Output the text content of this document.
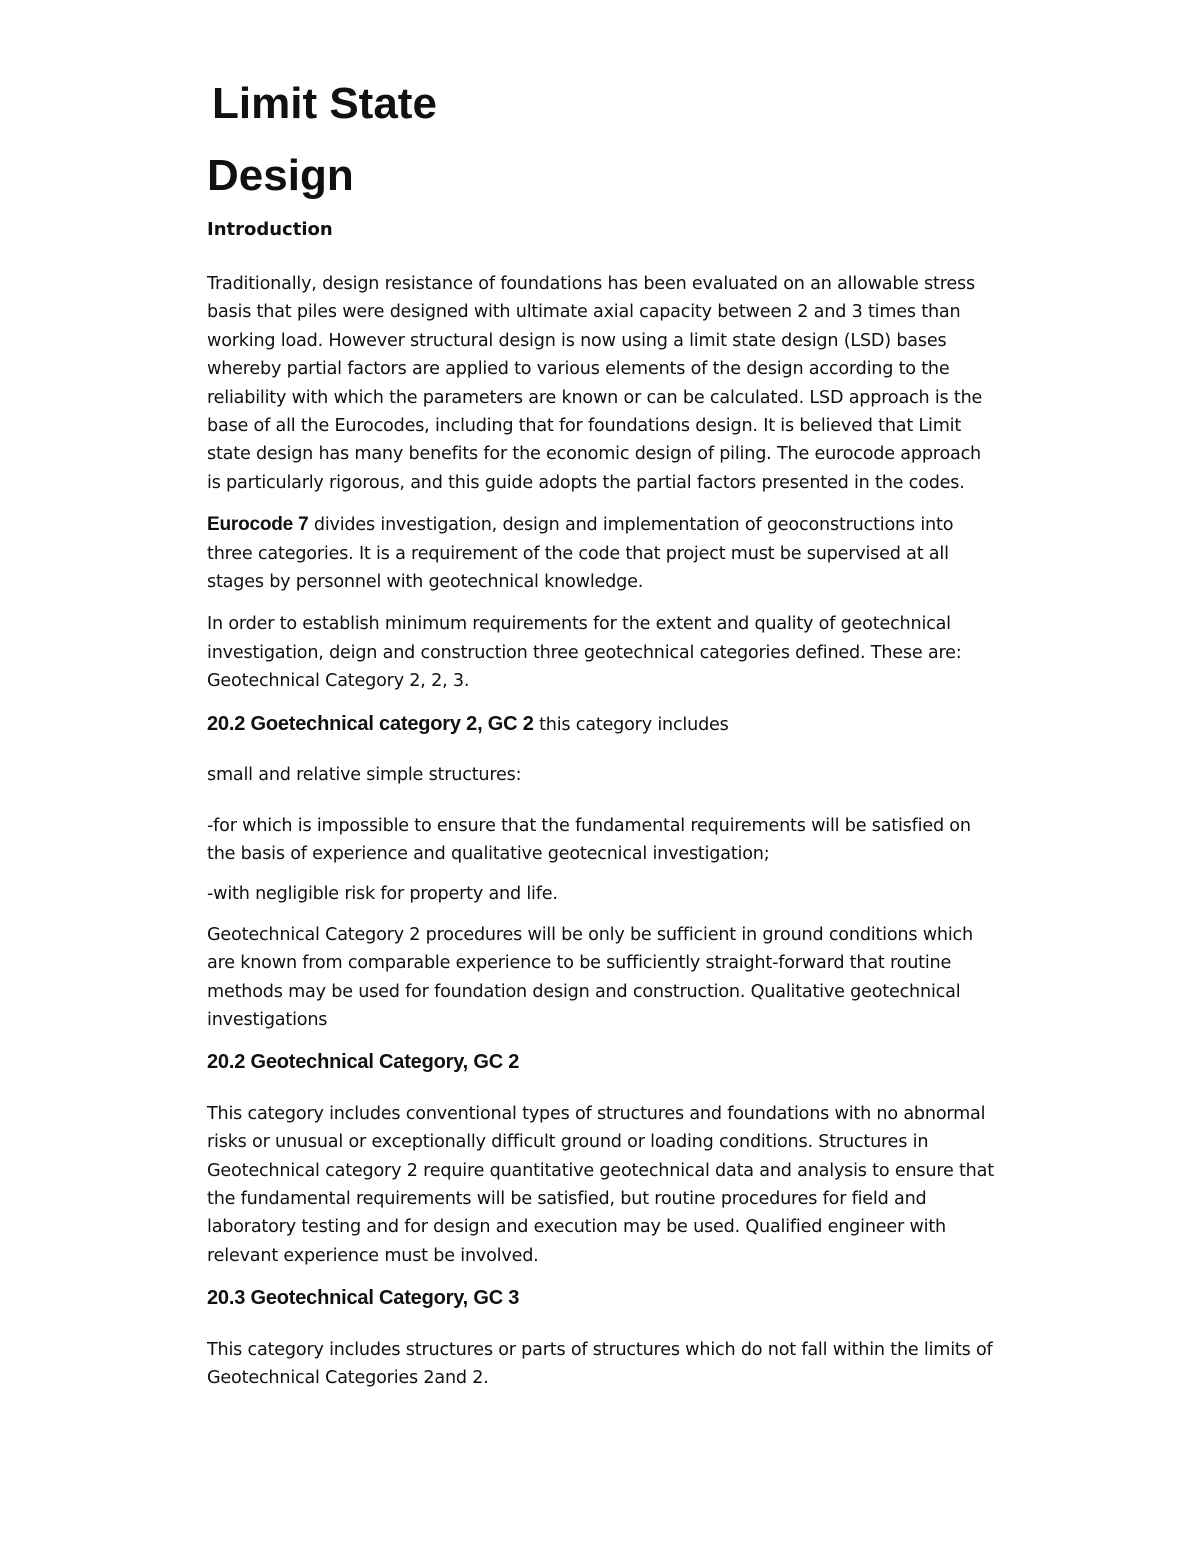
Limit State
Design
Introduction

Traditionally, design resistance of foundations has been evaluated on an allowable stress basis that piles were designed with ultimate axial capacity between 2 and 3 times than working load. However structural design is now using a limit state design (LSD) bases whereby partial factors are applied to various elements of the design according to the reliability with which the parameters are known or can be calculated. LSD approach is the base of all the Eurocodes, including that for foundations design. It is believed that Limit state design has many benefits for the economic design of piling. The eurocode approach is particularly rigorous, and this guide adopts the partial factors presented in the codes.

Eurocode 7 divides investigation, design and implementation of geoconstructions into three categories. It is a requirement of the code that project must be supervised at all stages by personnel with geotechnical knowledge.

In order to establish minimum requirements for the extent and quality of geotechnical investigation, deign and construction three geotechnical categories defined. These are: Geotechnical Category 2, 2, 3.

20.2 Goetechnical category 2, GC 2 this category includes

small and relative simple structures:

-for which is impossible to ensure that the fundamental requirements will be satisfied on the basis of experience and qualitative geotecnical investigation;

-with negligible risk for property and life.

Geotechnical Category 2 procedures will be only be sufficient in ground conditions which are known from comparable experience to be sufficiently straight-forward that routine methods may be used for foundation design and construction. Qualitative geotechnical investigations

20.2 Geotechnical Category, GC 2

This category includes conventional types of structures and foundations with no abnormal risks or unusual or exceptionally difficult ground or loading conditions. Structures in Geotechnical category 2 require quantitative geotechnical data and analysis to ensure that the fundamental requirements will be satisfied, but routine procedures for field and laboratory testing and for design and execution may be used. Qualified engineer with relevant experience must be involved.

20.3 Geotechnical Category, GC 3

This category includes structures or parts of structures which do not fall within the limits of Geotechnical Categories 2and 2.
